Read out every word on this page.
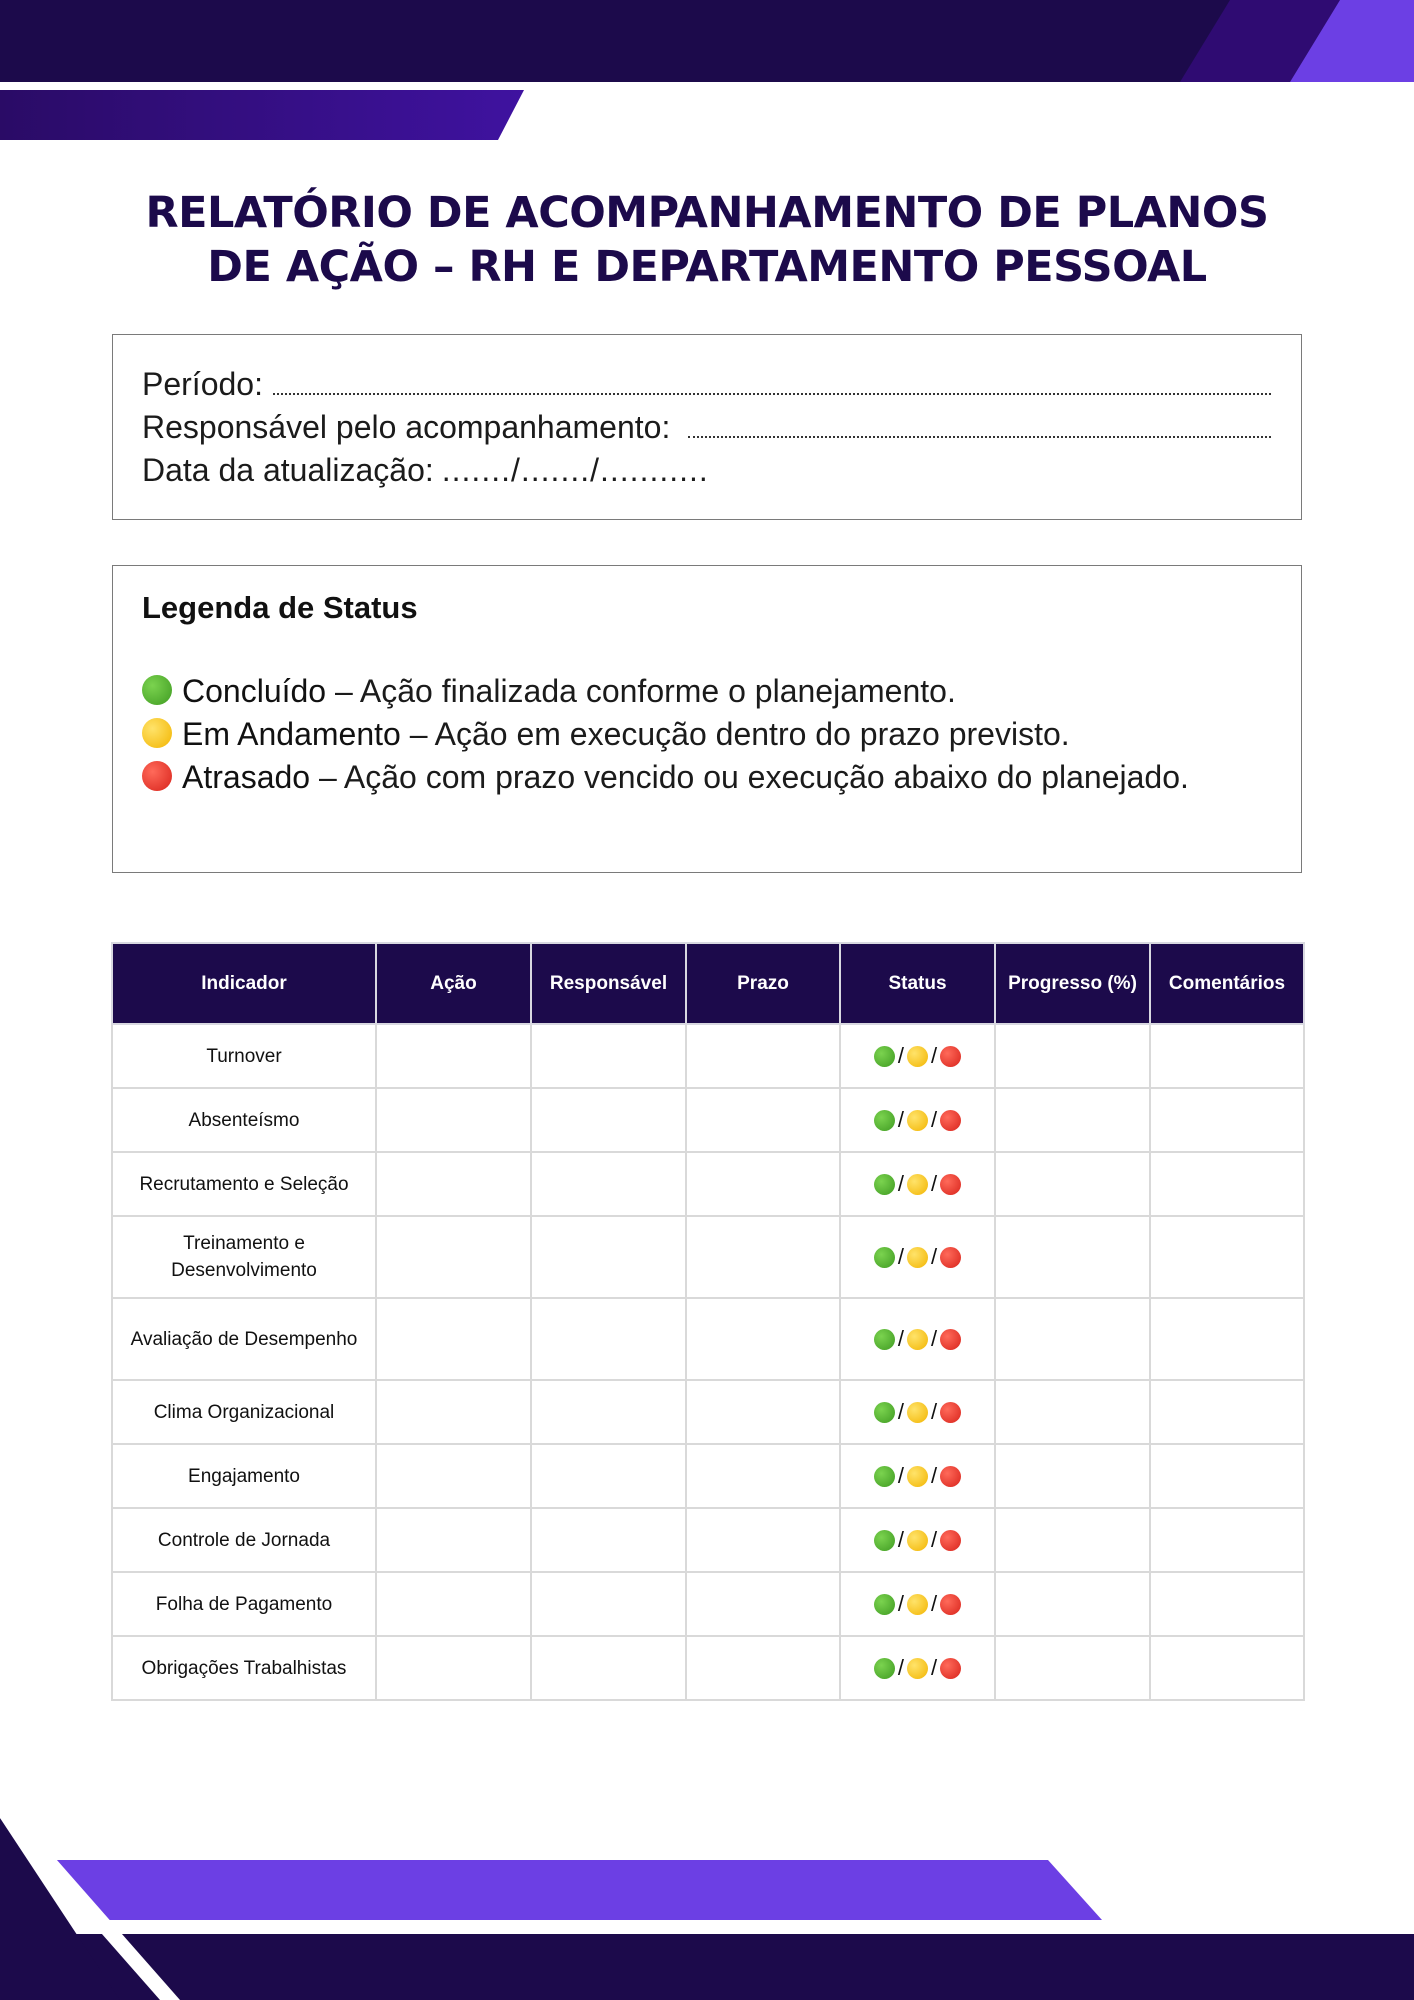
RELATÓRIO DE ACOMPANHAMENTO DE PLANOS
DE AÇÃO – RH E DEPARTAMENTO PESSOAL
Período:
Responsável pelo acompanhamento:
Data da atualização: ......./......./...........
Legenda de Status
Concluído – Ação finalizada conforme o planejamento.
Em Andamento – Ação em execução dentro do prazo previsto.
Atrasado – Ação com prazo vencido ou execução abaixo do planejado.
Indicador	Ação	Responsável	Prazo	Status	Progresso (%)	Comentários
Turnover				/ /		
Absenteísmo				/ /		
Recrutamento e Seleção				/ /		
Treinamento e Desenvolvimento				/ /		
Avaliação de Desempenho				/ /		
Clima Organizacional				/ /		
Engajamento				/ /		
Controle de Jornada				/ /		
Folha de Pagamento				/ /		
Obrigações Trabalhistas				/ /		
